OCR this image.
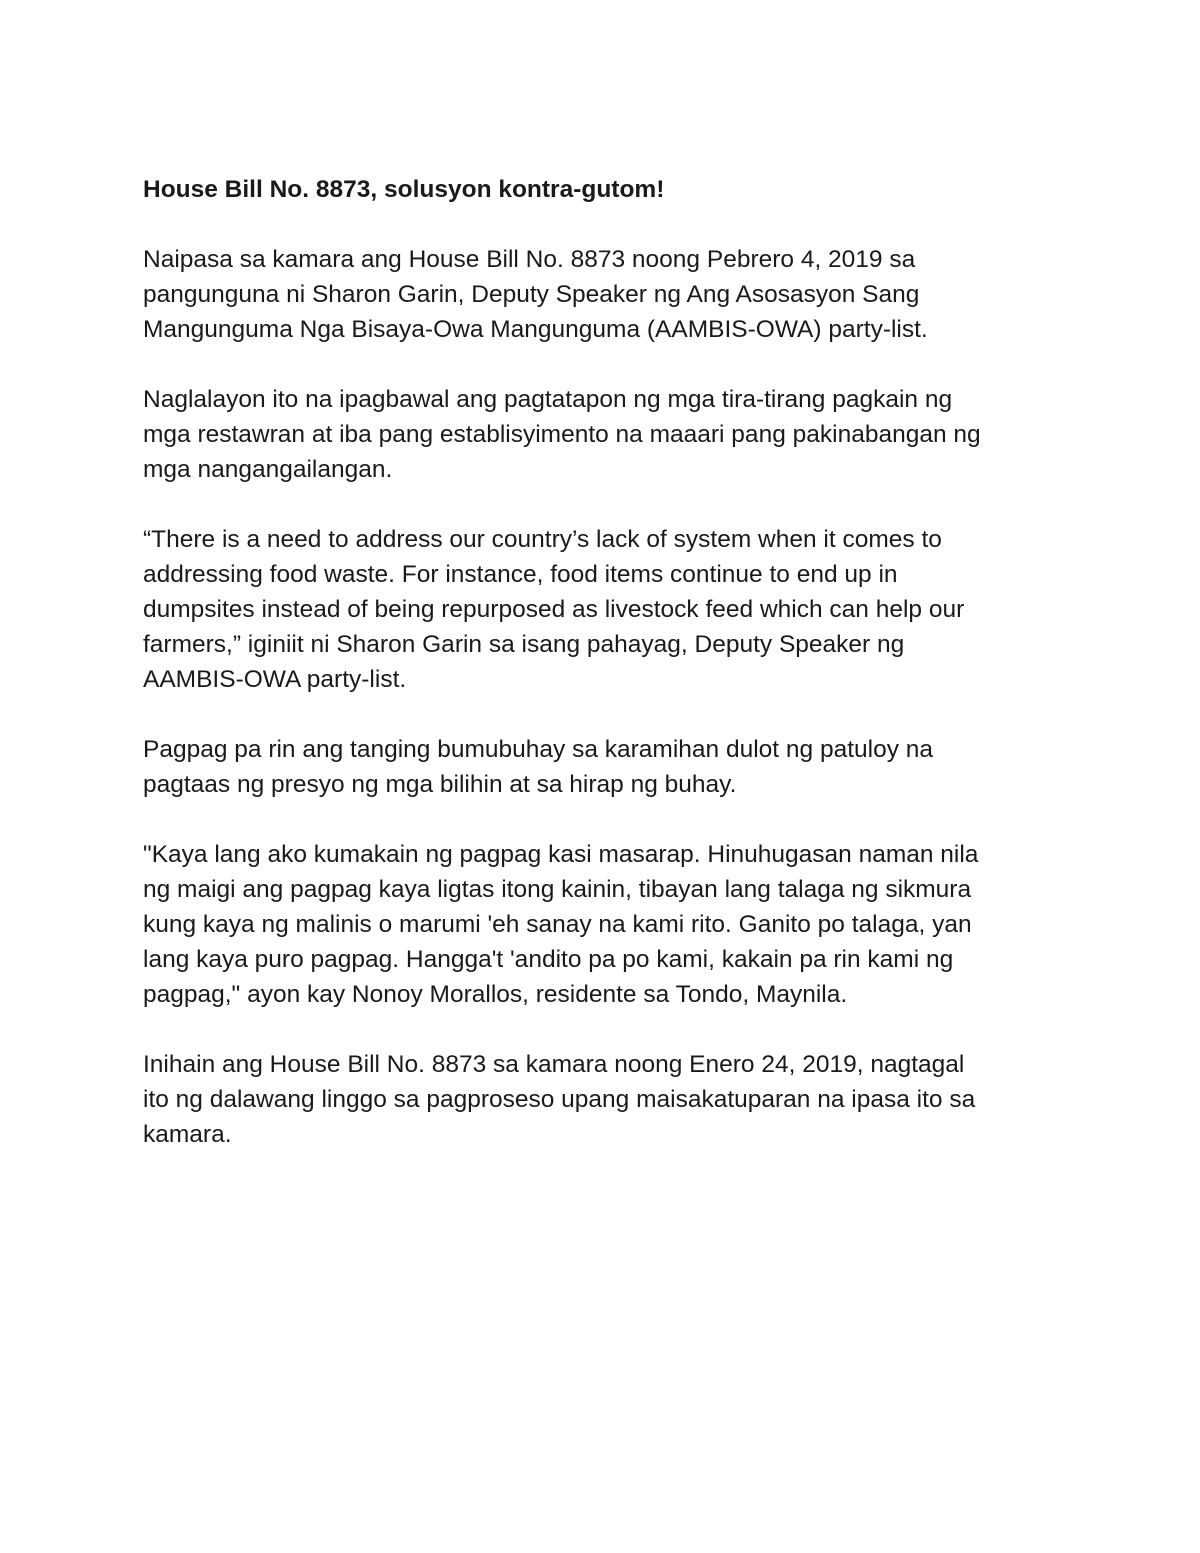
House Bill No. 8873, solusyon kontra-gutom!
Naipasa sa kamara ang House Bill No. 8873 noong Pebrero 4, 2019 sa
pangunguna ni Sharon Garin, Deputy Speaker ng Ang Asosasyon Sang
Mangunguma Nga Bisaya-Owa Mangunguma (AAMBIS-OWA) party-list.
Naglalayon ito na ipagbawal ang pagtatapon ng mga tira-tirang pagkain ng
mga restawran at iba pang establisyimento na maaari pang pakinabangan ng
mga nangangailangan.
“There is a need to address our country’s lack of system when it comes to
addressing food waste. For instance, food items continue to end up in
dumpsites instead of being repurposed as livestock feed which can help our
farmers,” iginiit ni Sharon Garin sa isang pahayag, Deputy Speaker ng
AAMBIS-OWA party-list.
Pagpag pa rin ang tanging bumubuhay sa karamihan dulot ng patuloy na
pagtaas ng presyo ng mga bilihin at sa hirap ng buhay.
"Kaya lang ako kumakain ng pagpag kasi masarap. Hinuhugasan naman nila
ng maigi ang pagpag kaya ligtas itong kainin, tibayan lang talaga ng sikmura
kung kaya ng malinis o marumi 'eh sanay na kami rito. Ganito po talaga, yan
lang kaya puro pagpag. Hangga't 'andito pa po kami, kakain pa rin kami ng
pagpag," ayon kay Nonoy Morallos, residente sa Tondo, Maynila.
Inihain ang House Bill No. 8873 sa kamara noong Enero 24, 2019, nagtagal
ito ng dalawang linggo sa pagproseso upang maisakatuparan na ipasa ito sa
kamara.
